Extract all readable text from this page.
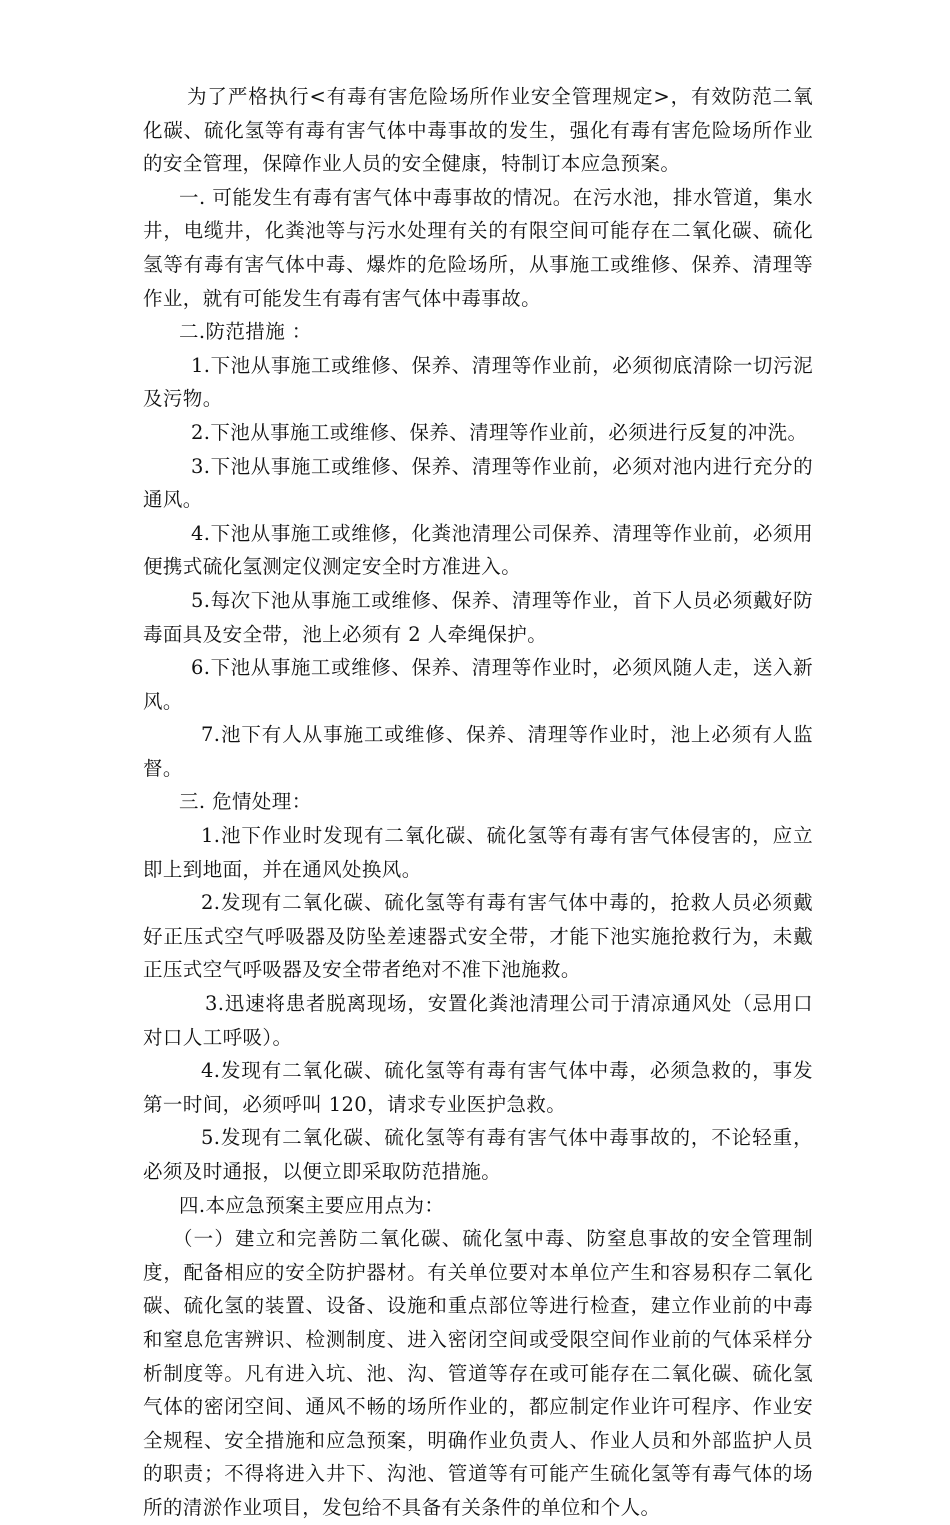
为了严格执行<有毒有害危险场所作业安全管理规定>，有效防范二氧化碳、硫化氢等有毒有害气体中毒事故的发生，强化有毒有害危险场所作业的安全管理，保障作业人员的安全健康，特制订本应急预案。

一. 可能发生有毒有害气体中毒事故的情况。在污水池，排水管道，集水井，电缆井，化粪池等与污水处理有关的有限空间可能存在二氧化碳、硫化氢等有毒有害气体中毒、爆炸的危险场所，从事施工或维修、保养、清理等作业，就有可能发生有毒有害气体中毒事故。

二.防范措施 ：

1.下池从事施工或维修、保养、清理等作业前，必须彻底清除一切污泥及污物。

2.下池从事施工或维修、保养、清理等作业前，必须进行反复的冲洗。

3.下池从事施工或维修、保养、清理等作业前，必须对池内进行充分的通风。

4.下池从事施工或维修，化粪池清理公司保养、清理等作业前，必须用便携式硫化氢测定仪测定安全时方准进入。

5.每次下池从事施工或维修、保养、清理等作业，首下人员必须戴好防毒面具及安全带，池上必须有 2 人牵绳保护。

6.下池从事施工或维修、保养、清理等作业时，必须风随人走，送入新风。

7.池下有人从事施工或维修、保养、清理等作业时，池上必须有人监督。

三. 危情处理：

1.池下作业时发现有二氧化碳、硫化氢等有毒有害气体侵害的，应立即上到地面，并在通风处换风。

2.发现有二氧化碳、硫化氢等有毒有害气体中毒的，抢救人员必须戴好正压式空气呼吸器及防坠差速器式安全带，才能下池实施抢救行为，未戴正压式空气呼吸器及安全带者绝对不准下池施救。

3.迅速将患者脱离现场，安置化粪池清理公司于清凉通风处（忌用口对口人工呼吸）。

4.发现有二氧化碳、硫化氢等有毒有害气体中毒，必须急救的，事发第一时间，必须呼叫 120，请求专业医护急救。

5.发现有二氧化碳、硫化氢等有毒有害气体中毒事故的，不论轻重，必须及时通报，以便立即采取防范措施。

四.本应急预案主要应用点为：

（一）建立和完善防二氧化碳、硫化氢中毒、防窒息事故的安全管理制度，配备相应的安全防护器材。有关单位要对本单位产生和容易积存二氧化碳、硫化氢的装置、设备、设施和重点部位等进行检查，建立作业前的中毒和窒息危害辨识、检测制度、进入密闭空间或受限空间作业前的气体采样分析制度等。凡有进入坑、池、沟、管道等存在或可能存在二氧化碳、硫化氢气体的密闭空间、通风不畅的场所作业的，都应制定作业许可程序、作业安全规程、安全措施和应急预案，明确作业负责人、作业人员和外部监护人员的职责；不得将进入井下、沟池、管道等有可能产生硫化氢等有毒气体的场所的清淤作业项目，发包给不具备有关条件的单位和个人。
